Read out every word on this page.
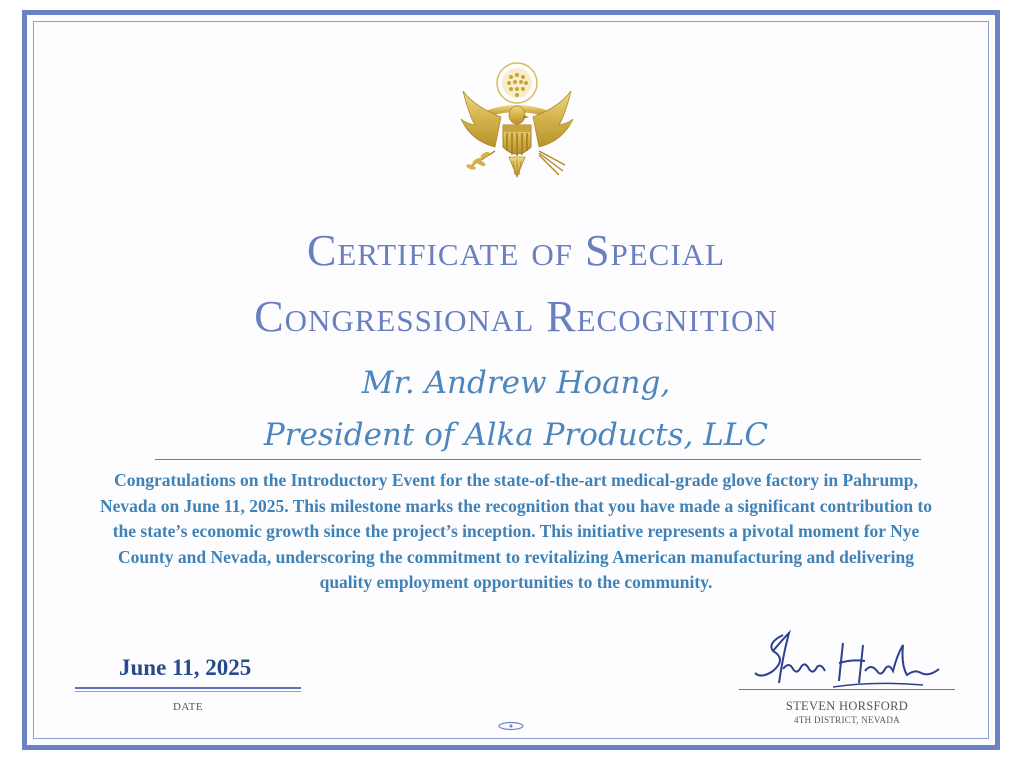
Certificate of Special
Congressional Recognition
Mr. Andrew Hoang,
President of Alka Products, LLC
Congratulations on the Introductory Event for the state-of-the-art medical-grade glove factory in Pahrump, Nevada on June 11, 2025. This milestone marks the recognition that you have made a significant contribution to the state’s economic growth since the project’s inception. This initiative represents a pivotal moment for Nye County and Nevada, underscoring the commitment to revitalizing American manufacturing and delivering quality employment opportunities to the community.
June 11, 2025
DATE	STEVEN HORSFORD
4TH DISTRICT, NEVADA
